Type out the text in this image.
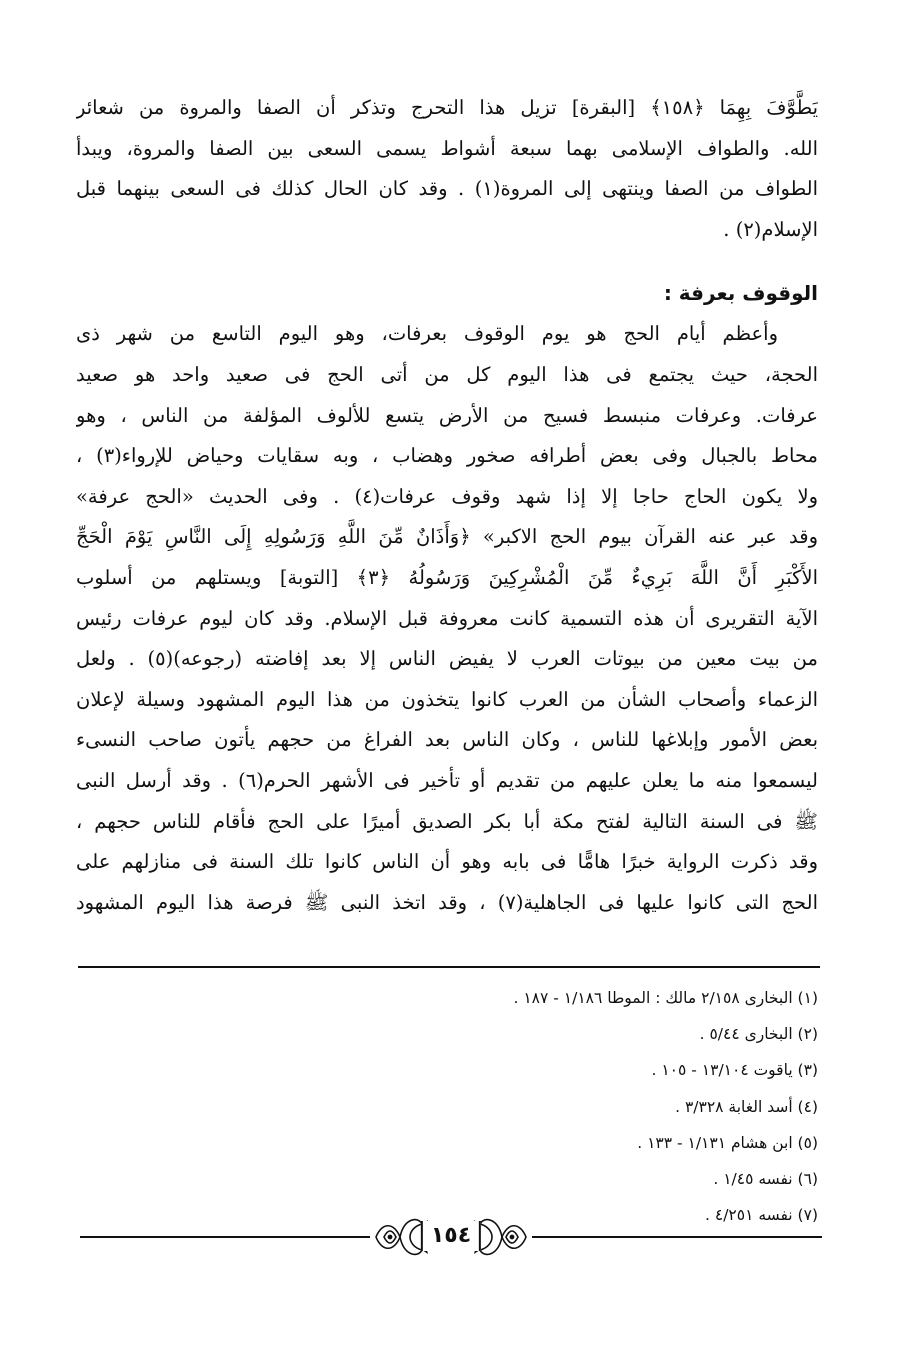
يَطَّوَّفَ بِهِمَا ﴿١٥٨﴾ [البقرة] تزيل هذا التحرج وتذكر أن الصفا والمروة من شعائر
الله. والطواف الإسلامى بهما سبعة أشواط يسمى السعى بين الصفا والمروة، ويبدأ
الطواف من الصفا وينتهى إلى المروة(١) . وقد كان الحال كذلك فى السعى بينهما قبل
الإسلام(٢) .
الوقوف بعرفة :
وأعظم أيام الحج هو يوم الوقوف بعرفات، وهو اليوم التاسع من شهر ذى
الحجة، حيث يجتمع فى هذا اليوم كل من أتى الحج فى صعيد واحد هو صعيد
عرفات. وعرفات منبسط فسيح من الأرض يتسع للألوف المؤلفة من الناس ، وهو
محاط بالجبال وفى بعض أطرافه صخور وهضاب ، وبه سقايات وحياض للإرواء(٣) ،
ولا يكون الحاج حاجا إلا إذا شهد وقوف عرفات(٤) . وفى الحديث «الحج عرفة»
وقد عبر عنه القرآن بيوم الحج الاكبر» ﴿وَأَذَانٌ مِّنَ اللَّهِ وَرَسُولِهِ إِلَى النَّاسِ يَوْمَ الْحَجِّ
الأَكْبَرِ أَنَّ اللَّهَ بَرِيءٌ مِّنَ الْمُشْرِكِينَ وَرَسُولُهُ ﴿٣﴾ [التوبة] ويستلهم من أسلوب
الآية التقريرى أن هذه التسمية كانت معروفة قبل الإسلام. وقد كان ليوم عرفات رئيس
من بيت معين من بيوتات العرب لا يفيض الناس إلا بعد إفاضته (رجوعه)(٥) . ولعل
الزعماء وأصحاب الشأن من العرب كانوا يتخذون من هذا اليوم المشهود وسيلة لإعلان
بعض الأمور وإبلاغها للناس ، وكان الناس بعد الفراغ من حجهم يأتون صاحب النسىء
ليسمعوا منه ما يعلن عليهم من تقديم أو تأخير فى الأشهر الحرم(٦) . وقد أرسل النبى
ﷺ فى السنة التالية لفتح مكة أبا بكر الصديق أميرًا على الحج فأقام للناس حجهم ،
وقد ذكرت الرواية خبرًا هامًّا فى بابه وهو أن الناس كانوا تلك السنة فى منازلهم على
الحج التى كانوا عليها فى الجاهلية(٧) ، وقد اتخذ النبى ﷺ فرصة هذا اليوم المشهود
(١) البخارى ٢/١٥٨ مالك : الموطا ١/١٨٦ - ١٨٧ .
(٢) البخارى ٥/٤٤ .
(٣) ياقوت ١٣/١٠٤ - ١٠٥ .
(٤) أسد الغابة ٣/٣٢٨ .
(٥) ابن هشام ١/١٣١ - ١٣٣ .
(٦) نفسه ١/٤٥ .
(٧) نفسه ٤/٢٥١ .
١٥٤
